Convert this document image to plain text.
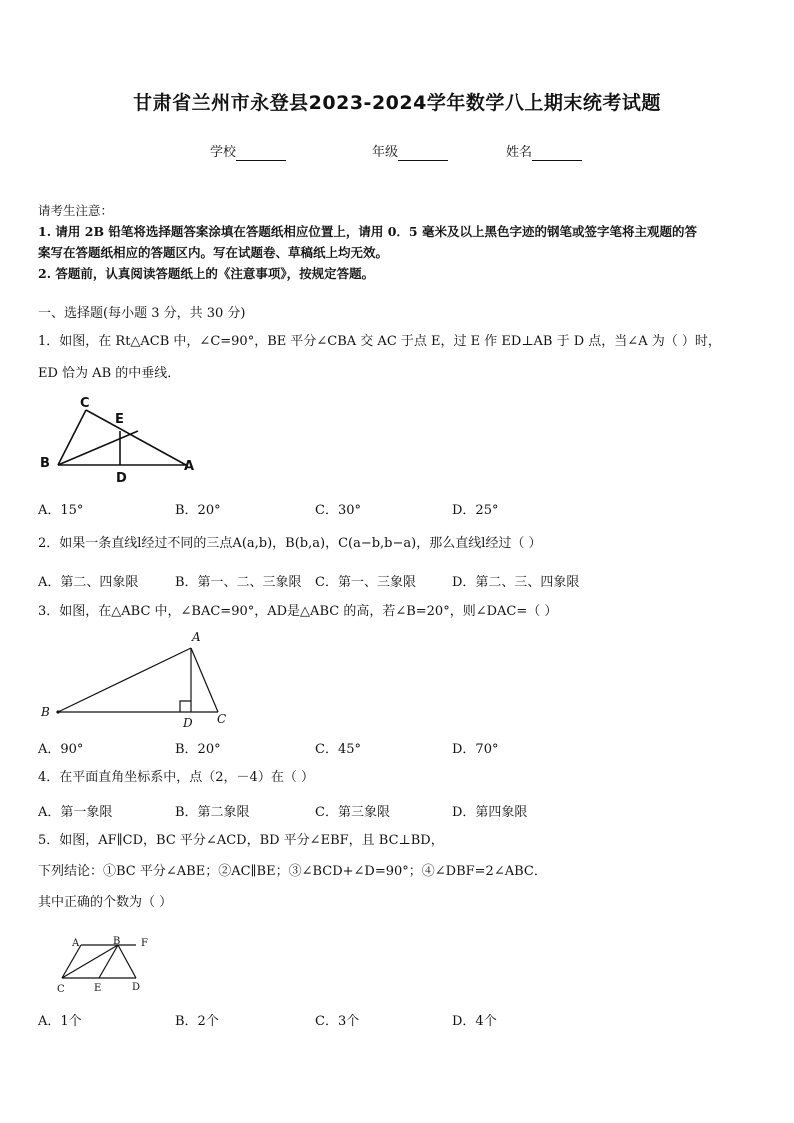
甘肃省兰州市永登县2023-2024学年数学八上期末统考试题
学校	年级	姓名
请考生注意：
1. 请用 2B 铅笔将选择题答案涂填在答题纸相应位置上，请用 0．5 毫米及以上黑色字迹的钢笔或签字笔将主观题的答
案写在答题纸相应的答题区内。写在试题卷、草稿纸上均无效。
2. 答题前，认真阅读答题纸上的《注意事项》，按规定答题。
一、选择题(每小题 3 分，共 30 分)
1．如图，在 Rt△ACB 中，∠C=90°，BE 平分∠CBA 交 AC 于点 E，过 E 作 ED⊥AB 于 D 点，当∠A 为（ ）时，
ED 恰为 AB 的中垂线．
C
E
B
D
A
A．15°	B．20°	C．30°	D．25°
2．如果一条直线l经过不同的三点A(a,b)，B(b,a)，C(a−b,b−a)，那么直线l经过（ ）
A．第二、四象限	B．第一、二、三象限 C．第一、三象限	D．第二、三、四象限
3．如图，在△ABC 中，∠BAC=90°，AD是△ABC 的高，若∠B=20°，则∠DAC=（ ）
A
B
D C
A．90°	B．20°	C．45°	D．70°
4．在平面直角坐标系中，点（2，－4）在（ ）
A．第一象限	B．第二象限	C．第三象限	D．第四象限
5．如图，AF∥CD，BC 平分∠ACD，BD 平分∠EBF，且 BC⊥BD，
下列结论：①BC 平分∠ABE；②AC∥BE；③∠BCD+∠D=90°；④∠DBF=2∠ABC．
其中正确的个数为（ ）
A	B F
C	E	D
A．1个	B．2个	C．3个	D．4个
